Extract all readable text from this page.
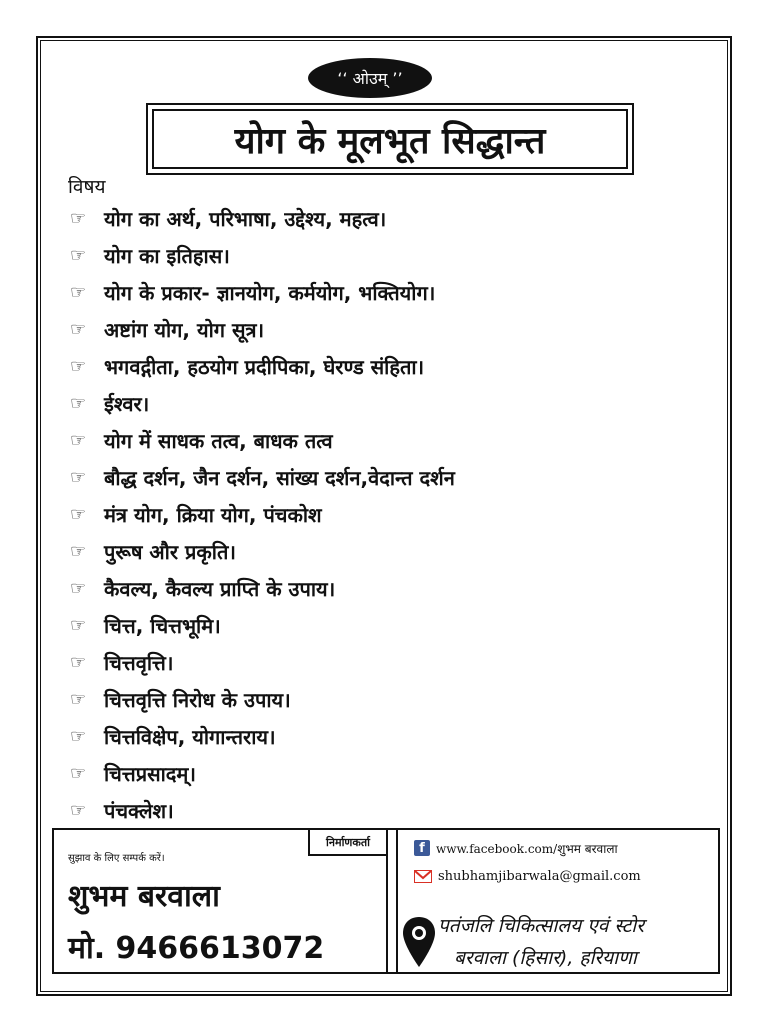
‘‘ ओउम् ’’
योग के मूलभूत सिद्धान्त
विषय
☞ योग का अर्थ, परिभाषा, उद्देश्य, महत्व।
☞ योग का इतिहास।
☞ योग के प्रकार- ज्ञानयोग, कर्मयोग, भक्तियोग।
☞ अष्टांग योग, योग सूत्र।
☞ भगवद्गीता, हठयोग प्रदीपिका, घेरण्ड संहिता।
☞ ईश्वर।
☞ योग में साधक तत्व, बाधक तत्व
☞ बौद्ध दर्शन, जैन दर्शन, सांख्य दर्शन,वेदान्त दर्शन
☞ मंत्र योग, क्रिया योग, पंचकोश
☞ पुरूष और प्रकृति।
☞ कैवल्य, कैवल्य प्राप्ति के उपाय।
☞ चित्त, चित्तभूमि।
☞ चित्तवृत्ति।
☞ चित्तवृत्ति निरोध के उपाय।
☞ चित्तविक्षेप, योगान्तराय।
☞ चित्तप्रसादम्।
☞ पंचक्लेश।
निर्माणकर्ता
सुझाव के लिए सम्पर्क करें।
शुभम बरवाला
मो. 9466613072
f www.facebook.com/शुभम बरवाला
shubhamjibarwala@gmail.com
पतंजलि चिकित्सालय एवं स्टोर
बरवाला (हिसार), हरियाणा
